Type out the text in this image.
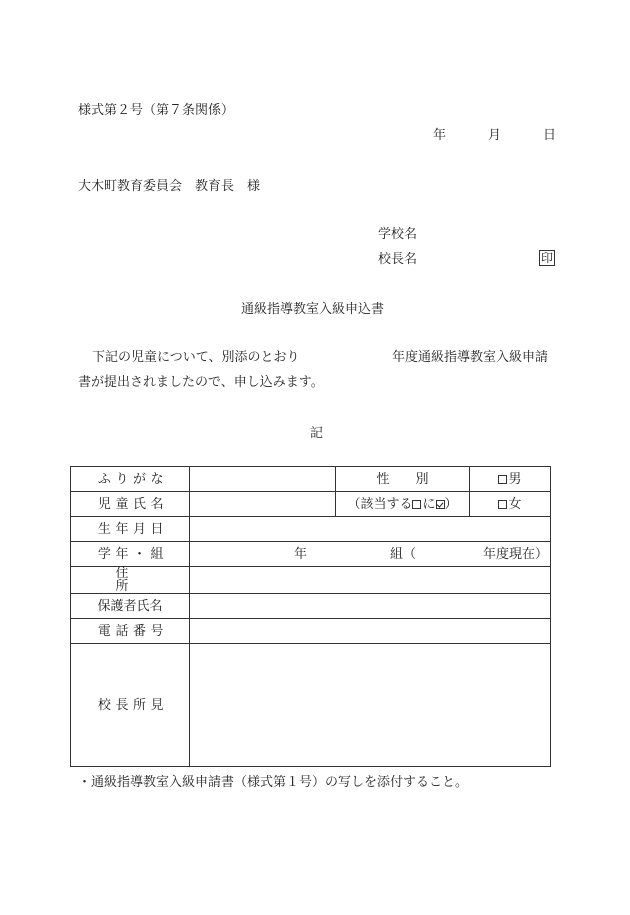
様式第２号（第７条関係）
年	月	日
大木町教育委員会　教育長　様
学校名
校長名	印
通級指導教室入級申込書
下記の児童について、別添のとおり	年度通級指導教室入級申請
書が提出されましたので、申し込みます。
記
ふりがな		性　　別	男
児童氏名		（該当する に ）	女
生年月日			
学年・組	年 組（ 年度現在）		

住　所			
保護者氏名			
電話番号			
校長所見			
・通級指導教室入級申請書（様式第１号）の写しを添付すること。
